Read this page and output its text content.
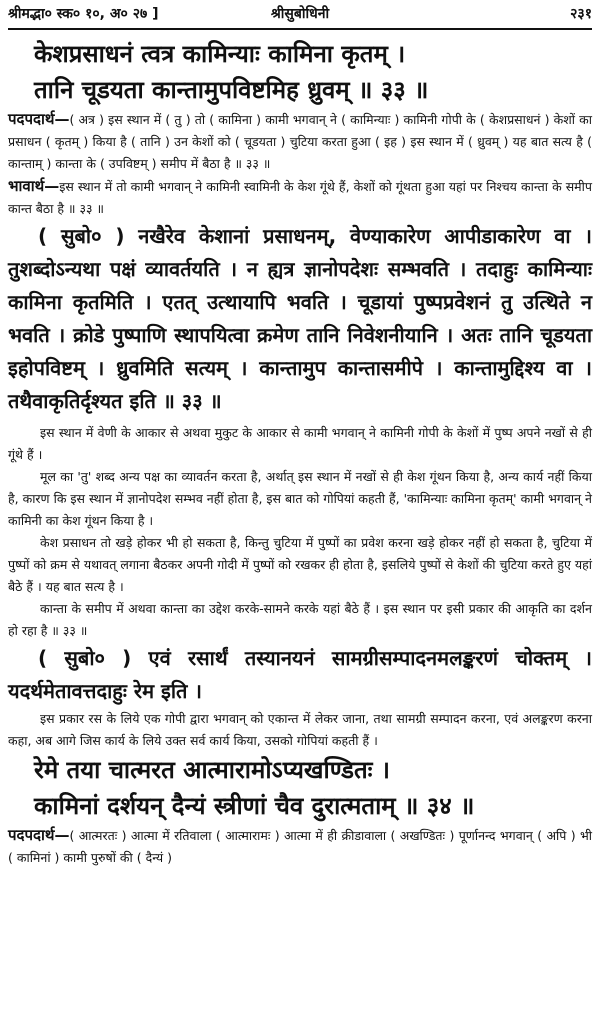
श्रीमद्भा० स्क० १०, अ० २७ ]	श्रीसुबोधिनी	२३१
केशप्रसाधनं त्वत्र कामिन्याः कामिना कृतम् ।
तानि चूडयता कान्तामुपविष्टमिह ध्रुवम् ॥ ३३ ॥

पदपदार्थ—( अत्र ) इस स्थान में ( तु ) तो ( कामिना ) कामी भगवान् ने ( कामिन्याः ) कामिनी गोपी के ( केशप्रसाधनं ) केशों का प्रसाधन ( कृतम् ) किया है ( तानि ) उन केशों को ( चूडयता ) चुटिया करता हुआ ( इह ) इस स्थान में ( ध्रुवम् ) यह बात सत्य है ( कान्ताम् ) कान्ता के ( उपविष्टम् ) समीप में बैठा है ॥ ३३ ॥

भावार्थ—इस स्थान में तो कामी भगवान् ने कामिनी स्वामिनी के केश गूंथे हैं, केशों को गूंथता हुआ यहां पर निश्चय कान्ता के समीप कान्त बैठा है ॥ ३३ ॥

( सुबो० ) नखैरेव केशानां प्रसाधनम्, वेण्याकारेण आपीडाकारेण वा । तुशब्दोऽन्यथा पक्षं व्यावर्तयति । न ह्यत्र ज्ञानोपदेशः सम्भवति । तदाहुः कामिन्याः कामिना कृतमिति । एतत् उत्थायापि भवति । चूडायां पुष्पप्रवेशनं तु उत्थिते न भवति । क्रोडे पुष्पाणि स्थापयित्वा क्रमेण तानि निवेशनीयानि । अतः तानि चूडयता इहोपविष्टम् । ध्रुवमिति सत्यम् । कान्तामुप कान्तासमीपे । कान्तामुद्दिश्य वा । तथैवाकृतिर्दृश्यत इति ॥ ३३ ॥

इस स्थान में वेणी के आकार से अथवा मुकुट के आकार से कामी भगवान् ने कामिनी गोपी के केशों में पुष्प अपने नखों से ही गूंथे हैं ।

मूल का 'तु' शब्द अन्य पक्ष का व्यावर्तन करता है, अर्थात् इस स्थान में नखों से ही केश गूंथन किया है, अन्य कार्य नहीं किया है, कारण कि इस स्थान में ज्ञानोपदेश सम्भव नहीं होता है, इस बात को गोपियां कहती हैं, 'कामिन्याः कामिना कृतम्' कामी भगवान् ने कामिनी का केश गूंथन किया है ।

केश प्रसाधन तो खड़े होकर भी हो सकता है, किन्तु चुटिया में पुष्पों का प्रवेश करना खड़े होकर नहीं हो सकता है, चुटिया में पुष्पों को क्रम से यथावत् लगाना बैठकर अपनी गोदी में पुष्पों को रखकर ही होता है, इसलिये पुष्पों से केशों की चुटिया करते हुए यहां बैठे हैं । यह बात सत्य है ।

कान्ता के समीप में अथवा कान्ता का उद्देश करके-सामने करके यहां बैठे हैं । इस स्थान पर इसी प्रकार की आकृति का दर्शन हो रहा है ॥ ३३ ॥

( सुबो० ) एवं रसार्थं तस्यानयनं सामग्रीसम्पादनमलङ्करणं चोक्तम् । यदर्थमेतावत्तदाहुः रेम इति ।

इस प्रकार रस के लिये एक गोपी द्वारा भगवान् को एकान्त में लेकर जाना, तथा सामग्री सम्पादन करना, एवं अलङ्करण करना कहा, अब आगे जिस कार्य के लिये उक्त सर्व कार्य किया, उसको गोपियां कहती हैं ।

रेमे तया चात्मरत आत्मारामोऽप्यखण्डितः ।
कामिनां दर्शयन् दैन्यं स्त्रीणां चैव दुरात्मताम् ॥ ३४ ॥

पदपदार्थ—( आत्मरतः ) आत्मा में रतिवाला ( आत्मारामः ) आत्मा में ही क्रीडावाला ( अखण्डितः ) पूर्णानन्द भगवान् ( अपि ) भी ( कामिनां ) कामी पुरुषों की ( दैन्यं )
